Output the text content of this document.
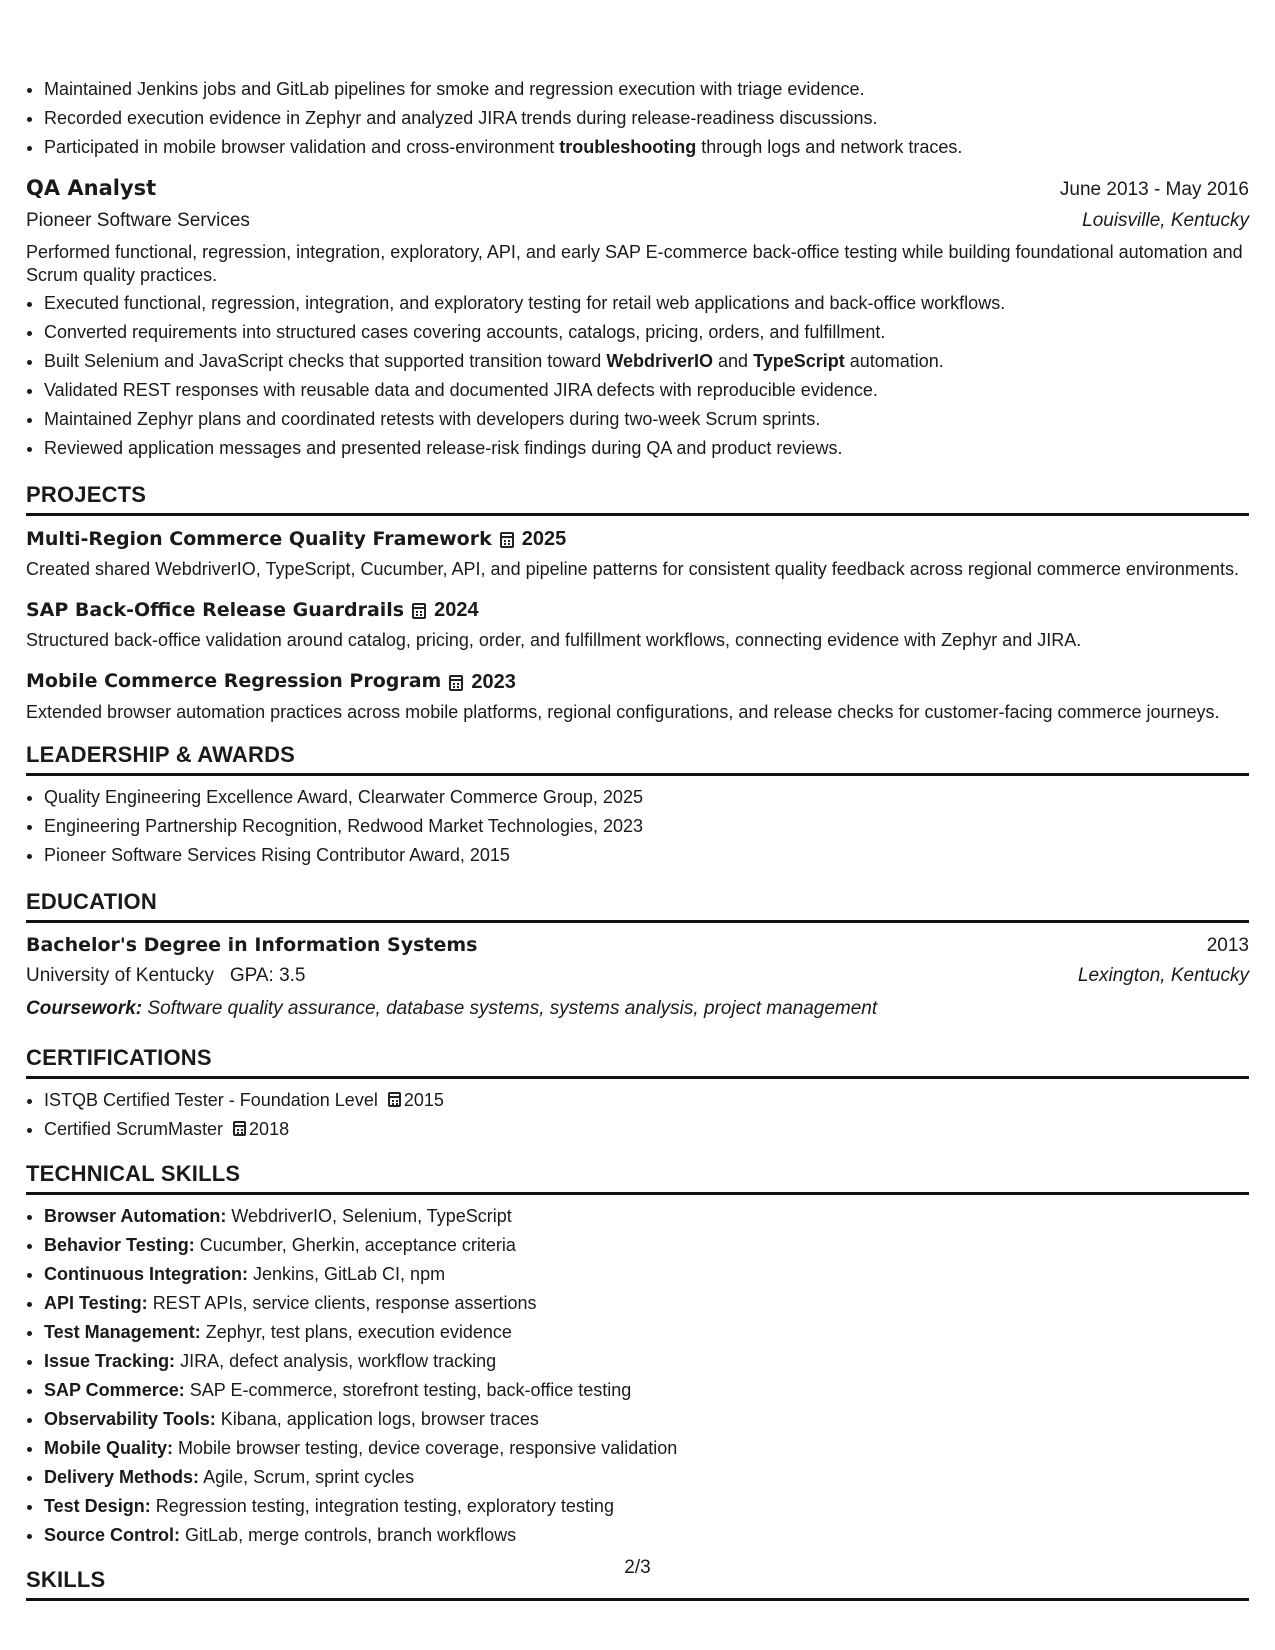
• Maintained Jenkins jobs and GitLab pipelines for smoke and regression execution with triage evidence.
• Recorded execution evidence in Zephyr and analyzed JIRA trends during release-readiness discussions.
• Participated in mobile browser validation and cross-environment troubleshooting through logs and network traces.
QA Analyst	June 2013 - May 2016
Pioneer Software Services	Louisville, Kentucky
Performed functional, regression, integration, exploratory, API, and early SAP E-commerce back-office testing while building foundational automation and Scrum quality practices.
• Executed functional, regression, integration, and exploratory testing for retail web applications and back-office workflows.
• Converted requirements into structured cases covering accounts, catalogs, pricing, orders, and fulfillment.
• Built Selenium and JavaScript checks that supported transition toward WebdriverIO and TypeScript automation.
• Validated REST responses with reusable data and documented JIRA defects with reproducible evidence.
• Maintained Zephyr plans and coordinated retests with developers during two-week Scrum sprints.
• Reviewed application messages and presented release-risk findings during QA and product reviews.
PROJECTS
Multi-Region Commerce Quality Framework 2025
Created shared WebdriverIO, TypeScript, Cucumber, API, and pipeline patterns for consistent quality feedback across regional commerce environments.
SAP Back-Office Release Guardrails 2024
Structured back-office validation around catalog, pricing, order, and fulfillment workflows, connecting evidence with Zephyr and JIRA.
Mobile Commerce Regression Program 2023
Extended browser automation practices across mobile platforms, regional configurations, and release checks for customer-facing commerce journeys.
LEADERSHIP & AWARDS
• Quality Engineering Excellence Award, Clearwater Commerce Group, 2025
• Engineering Partnership Recognition, Redwood Market Technologies, 2023
• Pioneer Software Services Rising Contributor Award, 2015
EDUCATION
Bachelor's Degree in Information Systems	2013
University of Kentucky GPA: 3.5	Lexington, Kentucky
Coursework: Software quality assurance, database systems, systems analysis, project management
CERTIFICATIONS
• ISTQB Certified Tester - Foundation Level 2015
• Certified ScrumMaster 2018
TECHNICAL SKILLS
• Browser Automation: WebdriverIO, Selenium, TypeScript
• Behavior Testing: Cucumber, Gherkin, acceptance criteria
• Continuous Integration: Jenkins, GitLab CI, npm
• API Testing: REST APIs, service clients, response assertions
• Test Management: Zephyr, test plans, execution evidence
• Issue Tracking: JIRA, defect analysis, workflow tracking
• SAP Commerce: SAP E-commerce, storefront testing, back-office testing
• Observability Tools: Kibana, application logs, browser traces
• Mobile Quality: Mobile browser testing, device coverage, responsive validation
• Delivery Methods: Agile, Scrum, sprint cycles
• Test Design: Regression testing, integration testing, exploratory testing
• Source Control: GitLab, merge controls, branch workflows
SKILLS	2/3
